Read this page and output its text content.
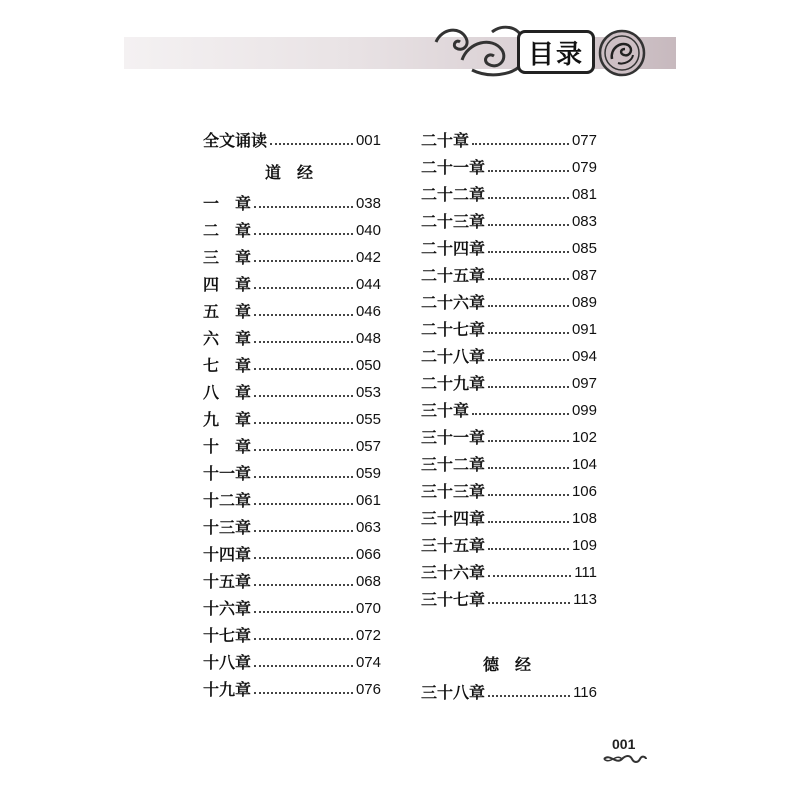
目录
全文诵读	001
道　经
一　章	038
二　章	040
三　章	042
四　章	044
五　章	046
六　章	048
七　章	050
八　章	053
九　章	055
十　章	057
十一章	059
十二章	061
十三章	063
十四章	066
十五章	068
十六章	070
十七章	072
十八章	074
十九章	076
二十章	077
二十一章	079
二十二章	081
二十三章	083
二十四章	085
二十五章	087
二十六章	089
二十七章	091
二十八章	094
二十九章	097
三十章	099
三十一章	102
三十二章	104
三十三章	106
三十四章	108
三十五章	109
三十六章	111
三十七章	113
德　经
三十八章	116
001
